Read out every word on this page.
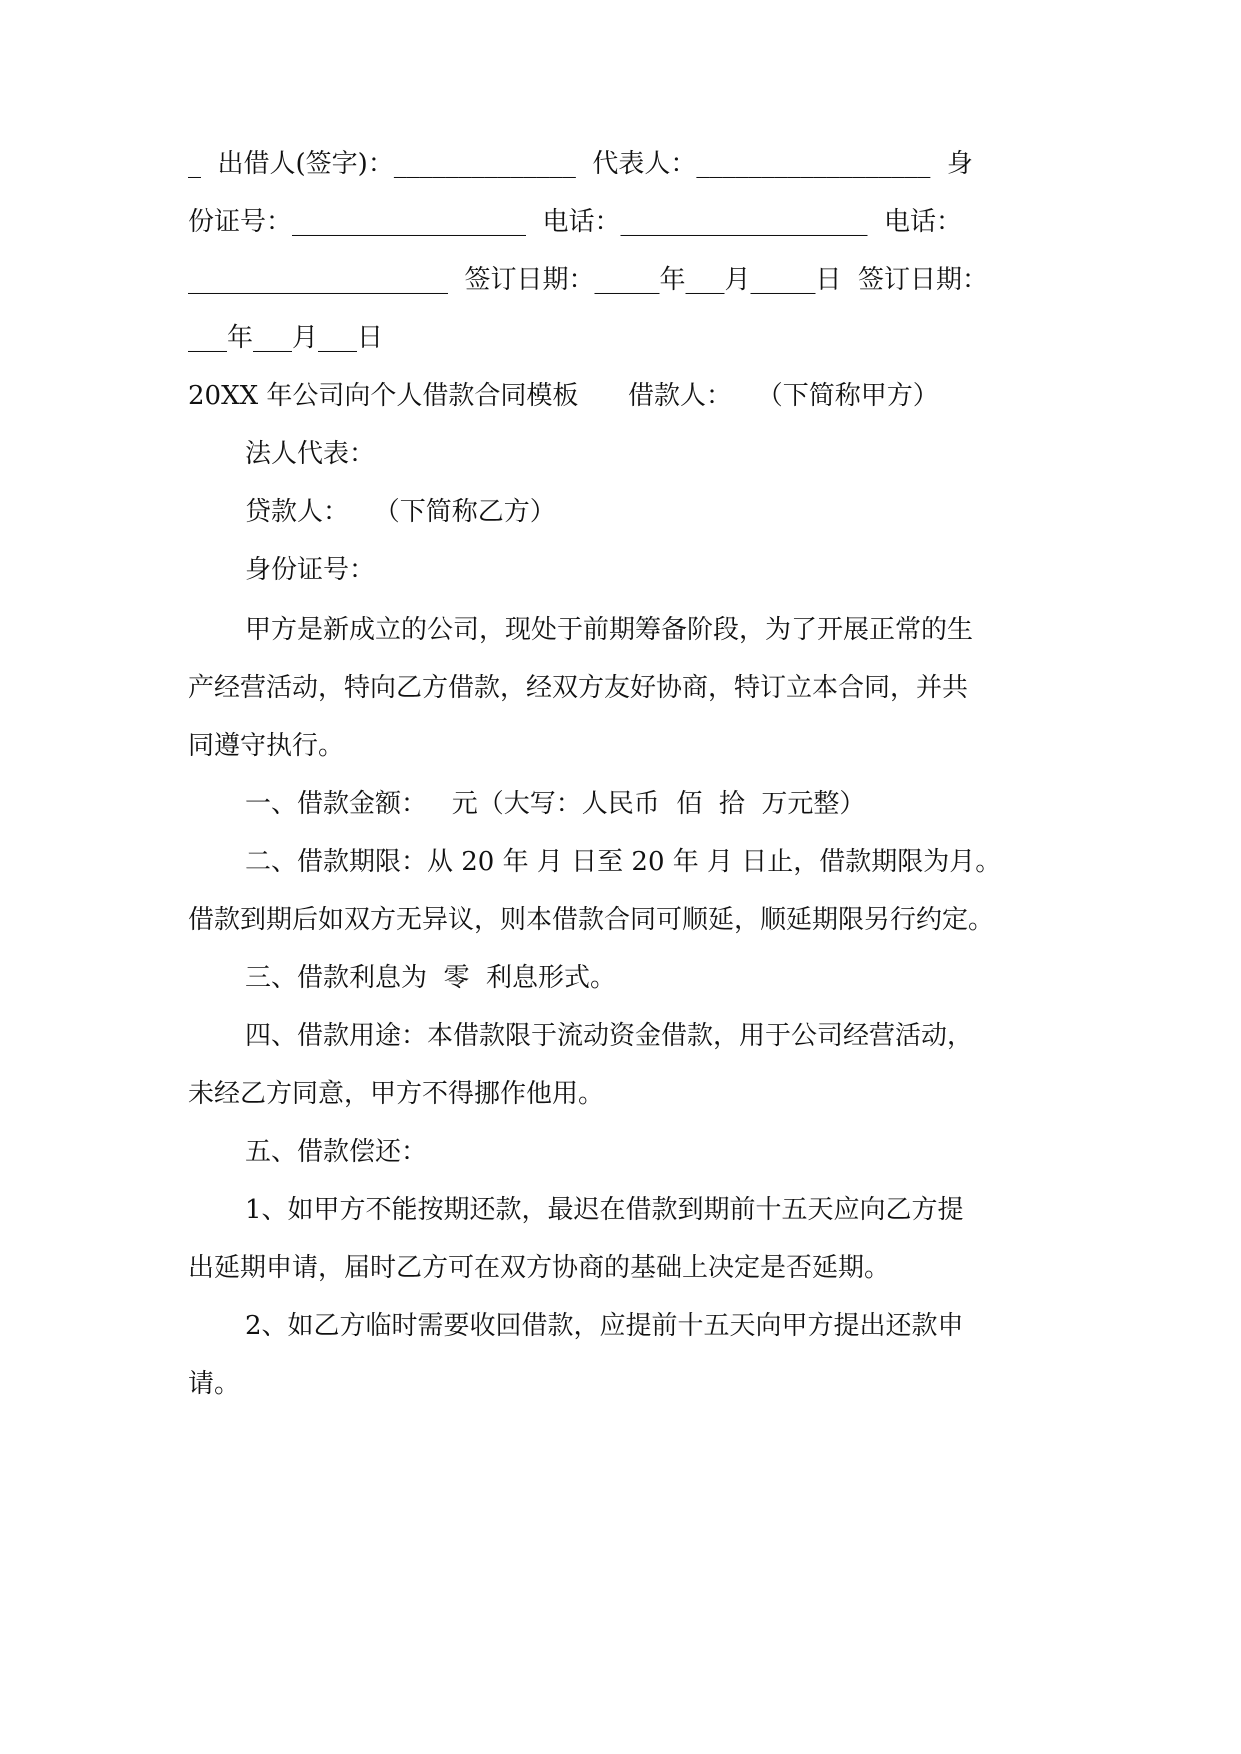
_  出借人(签字)：______________  代表人：__________________  身
份证号：__________________  电话：___________________  电话：
____________________  签订日期：_____年___月_____日  签订日期：
___年___月___日
20XX 年公司向个人借款合同模板      借款人：   （下简称甲方）
法人代表：
贷款人：   （下简称乙方）
身份证号：
甲方是新成立的公司，现处于前期筹备阶段，为了开展正常的生
产经营活动，特向乙方借款，经双方友好协商，特订立本合同，并共
同遵守执行。
一、借款金额：   元（大写：人民币  佰  拾  万元整）
二、借款期限：从 20 年 月 日至 20 年 月 日止，借款期限为月。
借款到期后如双方无异议，则本借款合同可顺延，顺延期限另行约定。
三、借款利息为  零  利息形式。
四、借款用途：本借款限于流动资金借款，用于公司经营活动，
未经乙方同意，甲方不得挪作他用。
五、借款偿还：
1、如甲方不能按期还款，最迟在借款到期前十五天应向乙方提
出延期申请，届时乙方可在双方协商的基础上决定是否延期。
2、如乙方临时需要收回借款，应提前十五天向甲方提出还款申
请。
